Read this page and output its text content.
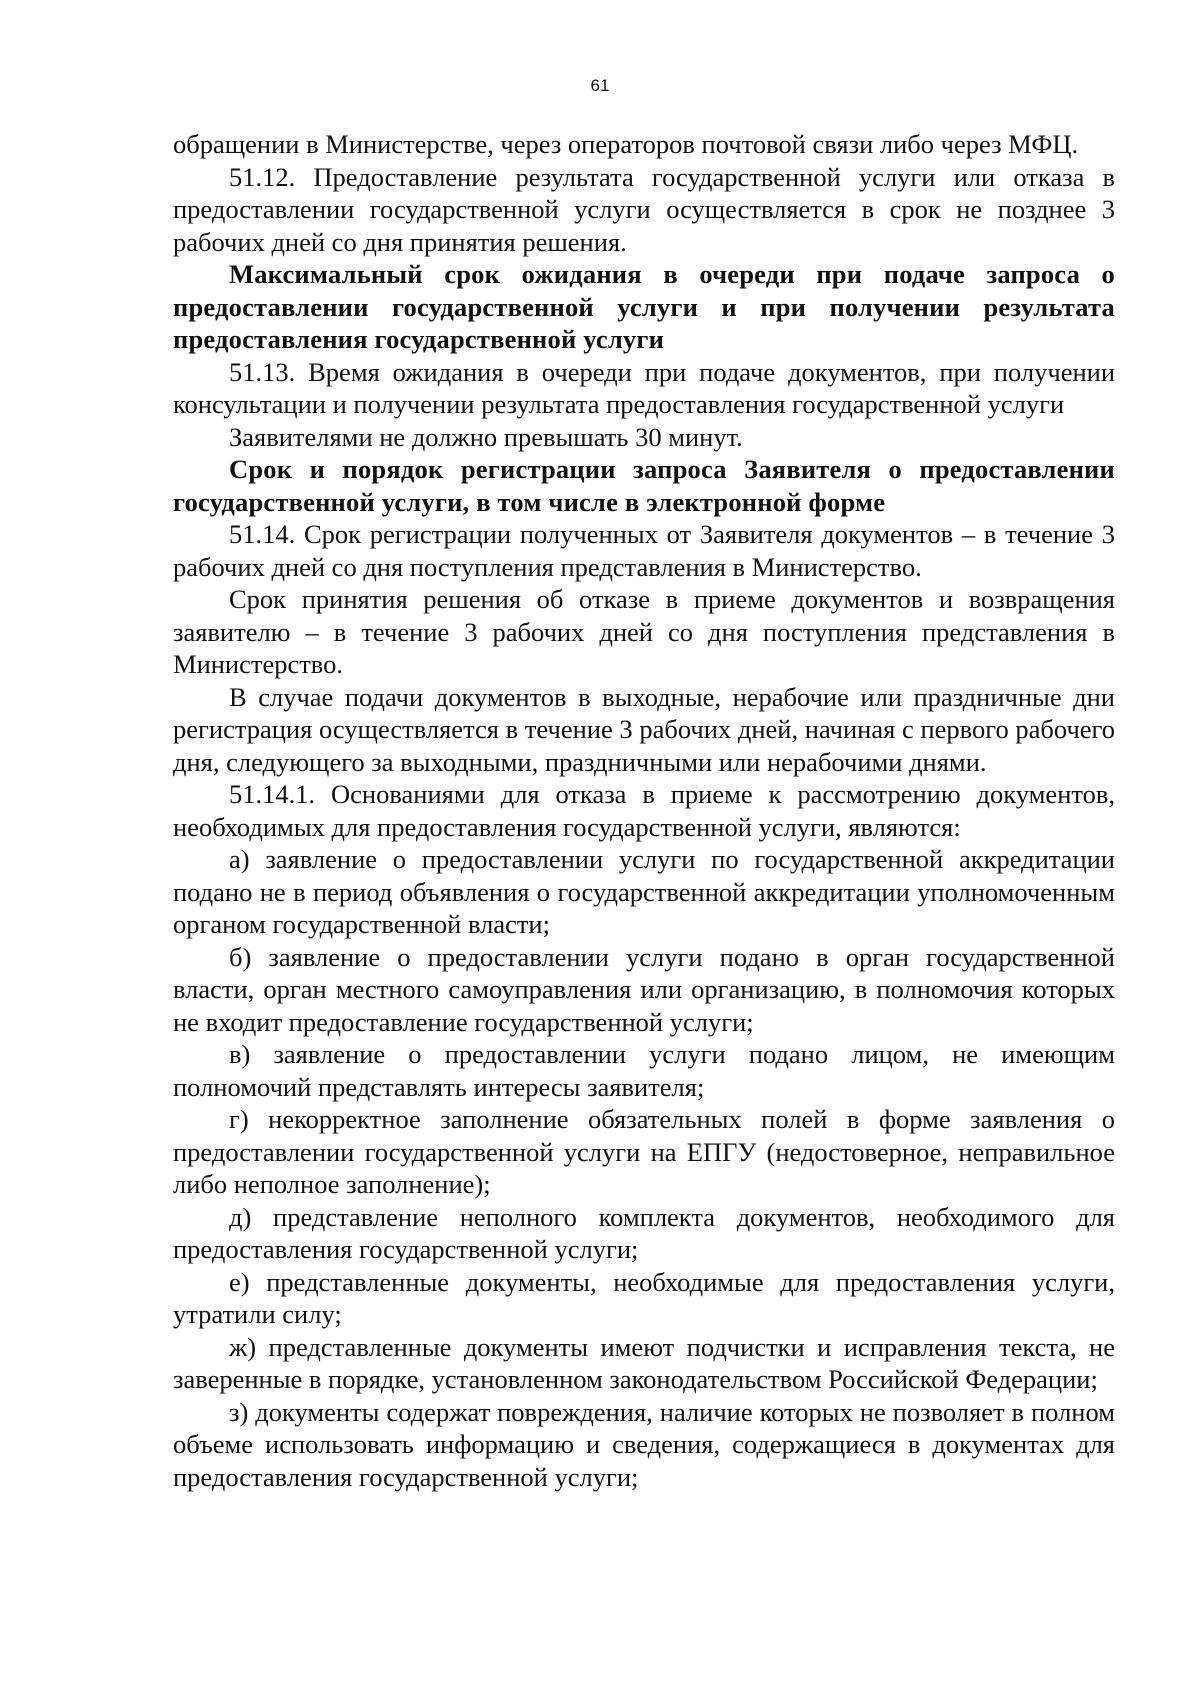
61

обращении в Министерстве, через операторов почтовой связи либо через МФЦ.

51.12. Предоставление результата государственной услуги или отказа в предоставлении государственной услуги осуществляется в срок не позднее 3 рабочих дней со дня принятия решения.

Максимальный срок ожидания в очереди при подаче запроса о предоставлении государственной услуги и при получении результата предоставления государственной услуги

51.13. Время ожидания в очереди при подаче документов, при получении консультации и получении результата предоставления государственной услуги

Заявителями не должно превышать 30 минут.

Срок и порядок регистрации запроса Заявителя о предоставлении государственной услуги, в том числе в электронной форме

51.14. Срок регистрации полученных от Заявителя документов – в течение 3 рабочих дней со дня поступления представления в Министерство.

Срок принятия решения об отказе в приеме документов и возвращения заявителю – в течение 3 рабочих дней со дня поступления представления в Министерство.

В случае подачи документов в выходные, нерабочие или праздничные дни регистрация осуществляется в течение 3 рабочих дней, начиная с первого рабочего дня, следующего за выходными, праздничными или нерабочими днями.

51.14.1. Основаниями для отказа в приеме к рассмотрению документов, необходимых для предоставления государственной услуги, являются:

а) заявление о предоставлении услуги по государственной аккредитации подано не в период объявления о государственной аккредитации уполномоченным органом государственной власти;

б) заявление о предоставлении услуги подано в орган государственной власти, орган местного самоуправления или организацию, в полномочия которых не входит предоставление государственной услуги;

в) заявление о предоставлении услуги подано лицом, не имеющим полномочий представлять интересы заявителя;

г) некорректное заполнение обязательных полей в форме заявления о предоставлении государственной услуги на ЕПГУ (недостоверное, неправильное либо неполное заполнение);

д) представление неполного комплекта документов, необходимого для предоставления государственной услуги;

е) представленные документы, необходимые для предоставления услуги, утратили силу;

ж) представленные документы имеют подчистки и исправления текста, не заверенные в порядке, установленном законодательством Российской Федерации;

з) документы содержат повреждения, наличие которых не позволяет в полном объеме использовать информацию и сведения, содержащиеся в документах для предоставления государственной услуги;
